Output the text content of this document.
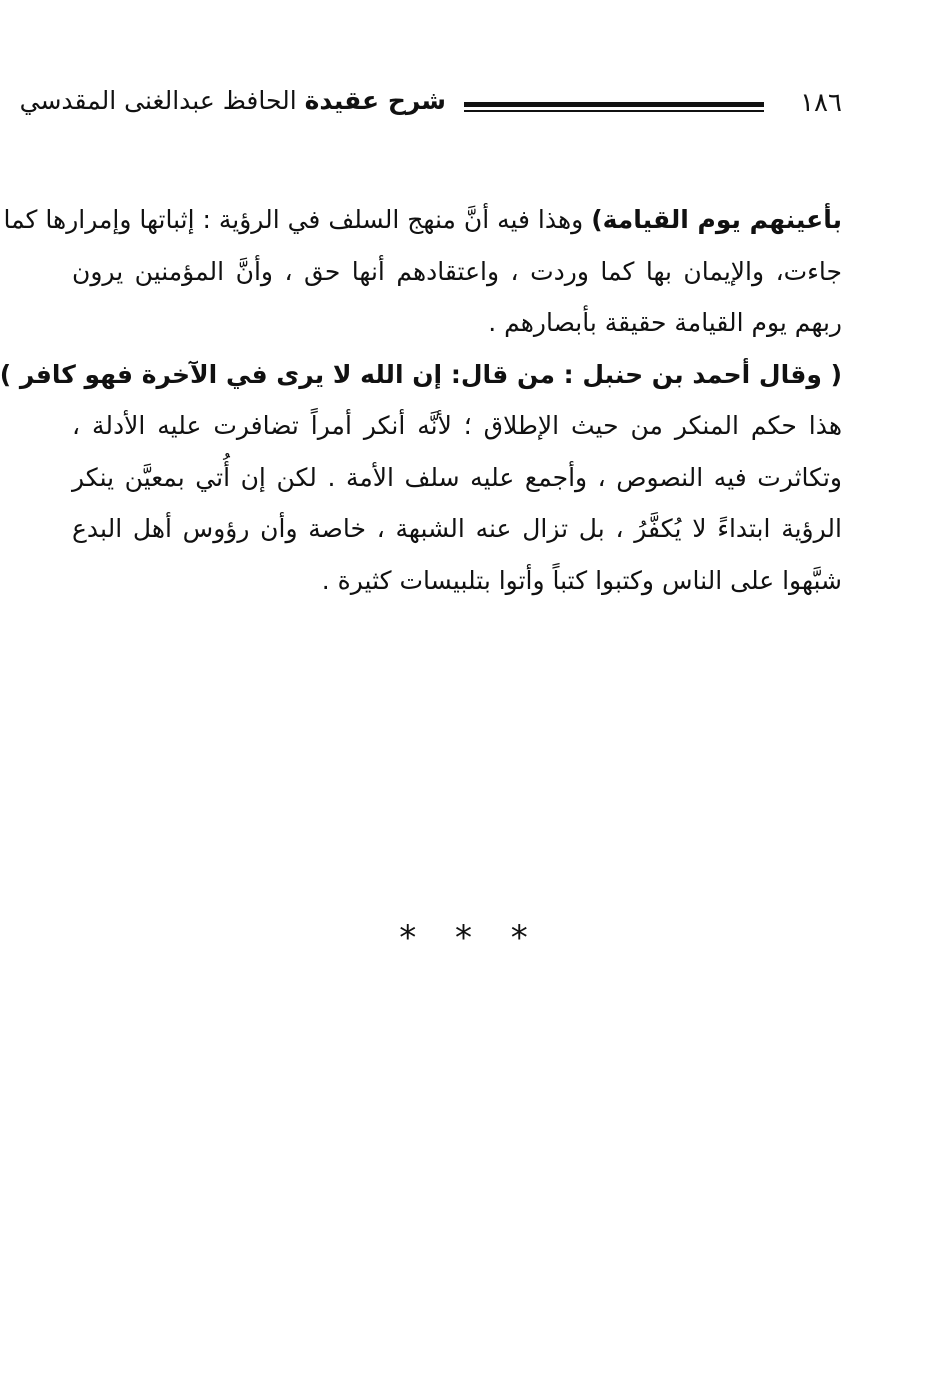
١٨٦
شرح عقيدة الحافظ عبدالغنى المقدسي
بأعينهم يوم القيامة) وهذا فيه أنَّ منهج السلف في الرؤية : إثباتها وإمرارها كما
جاءت، والإيمان بها كما وردت ، واعتقادهم أنها حق ، وأنَّ المؤمنين يرون
ربهم يوم القيامة حقيقة بأبصارهم .
( وقال أحمد بن حنبل : من قال: إن الله لا يرى في الآخرة فهو كافر )
هذا حكم المنكر من حيث الإطلاق ؛ لأنَّه أنكر أمراً تضافرت عليه الأدلة ،
وتكاثرت فيه النصوص ، وأجمع عليه سلف الأمة . لكن إن أُتي بمعيَّن ينكر
الرؤية ابتداءً لا يُكفَّرُ ، بل تزال عنه الشبهة ، خاصة وأن رؤوس أهل البدع
شبَّهوا على الناس وكتبوا كتباً وأتوا بتلبيسات كثيرة .
* * *
